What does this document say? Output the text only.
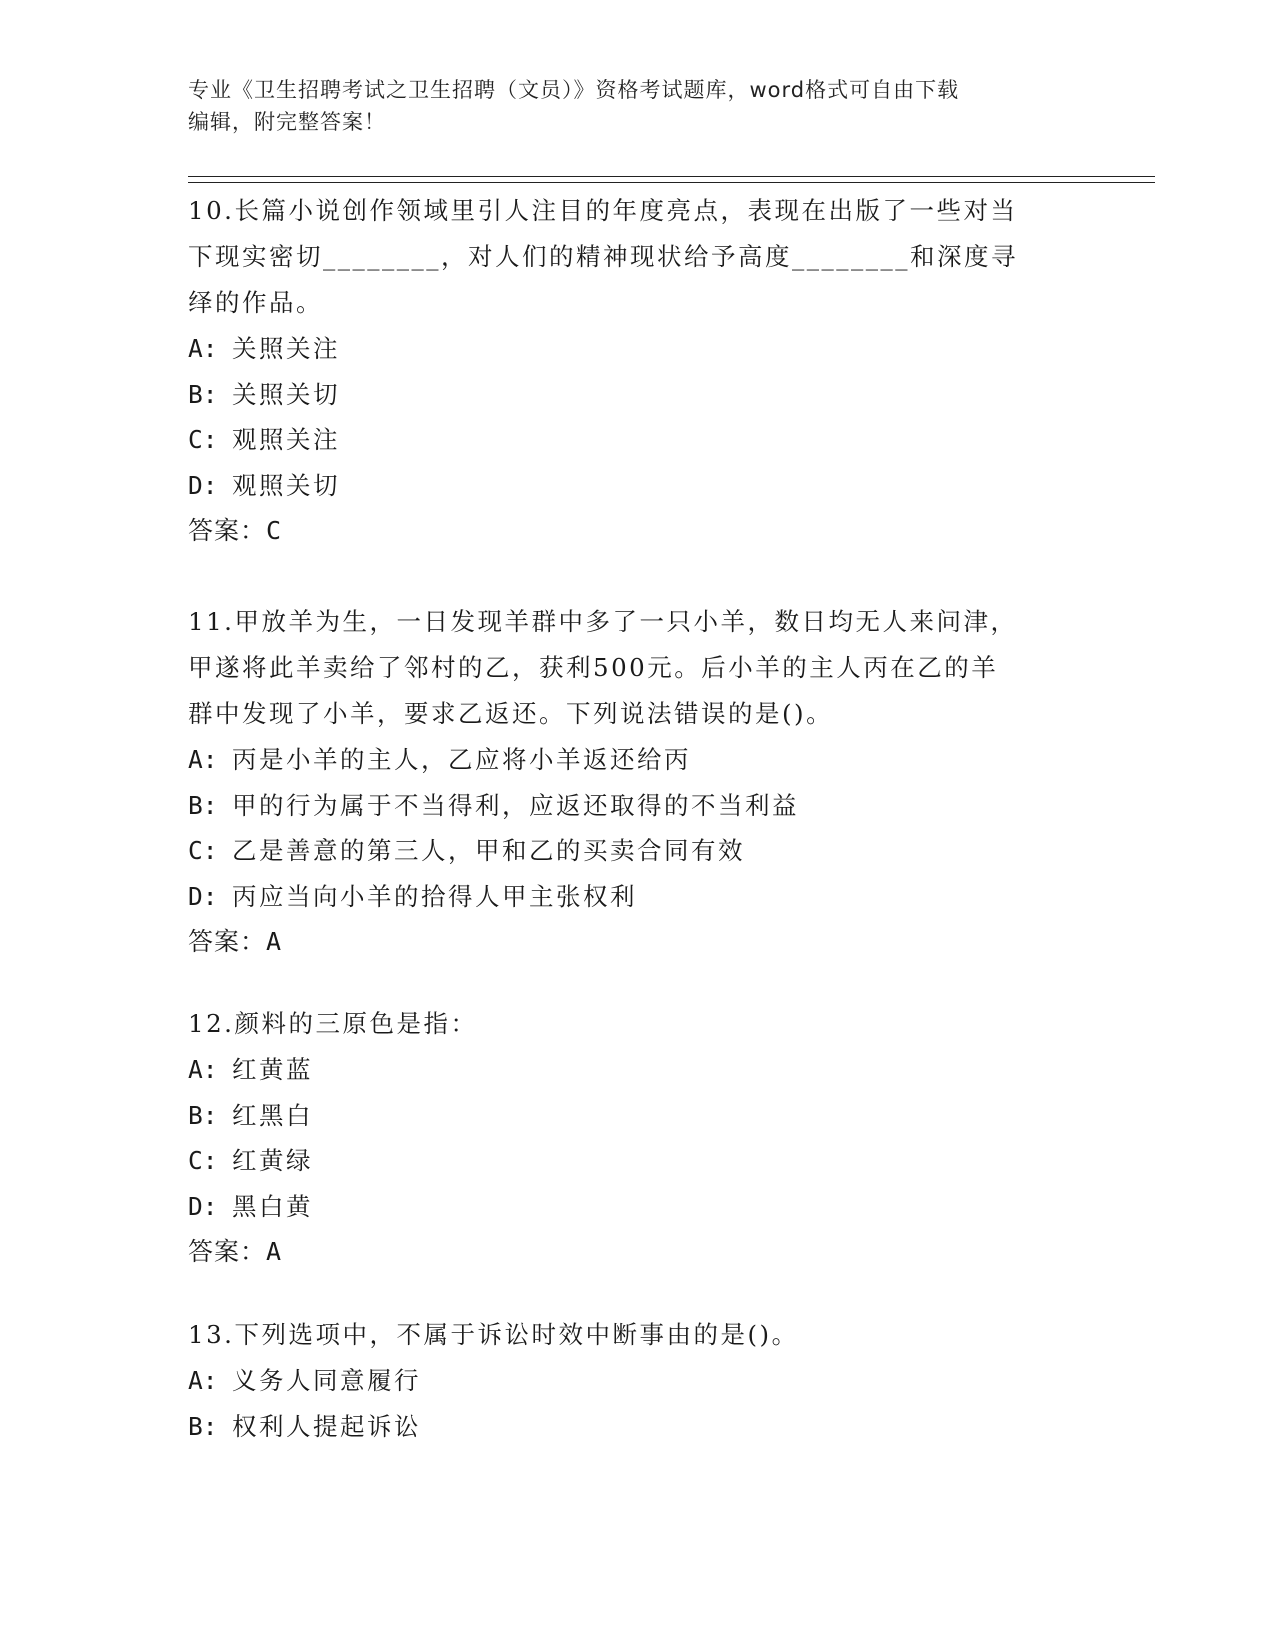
专业《卫生招聘考试之卫生招聘（文员）》资格考试题库，word格式可自由下载
编辑，附完整答案！
10.长篇小说创作领域里引人注目的年度亮点，表现在出版了一些对当
下现实密切________，对人们的精神现状给予高度________和深度寻
绎的作品。
A: 关照关注
B: 关照关切
C: 观照关注
D: 观照关切
答案：C
11.甲放羊为生，一日发现羊群中多了一只小羊，数日均无人来问津，
甲遂将此羊卖给了邻村的乙，获利500元。后小羊的主人丙在乙的羊
群中发现了小羊，要求乙返还。下列说法错误的是()。
A: 丙是小羊的主人，乙应将小羊返还给丙
B: 甲的行为属于不当得利，应返还取得的不当利益
C: 乙是善意的第三人，甲和乙的买卖合同有效
D: 丙应当向小羊的拾得人甲主张权利
答案：A
12.颜料的三原色是指：
A: 红黄蓝
B: 红黑白
C: 红黄绿
D: 黑白黄
答案：A
13.下列选项中，不属于诉讼时效中断事由的是()。
A: 义务人同意履行
B: 权利人提起诉讼
